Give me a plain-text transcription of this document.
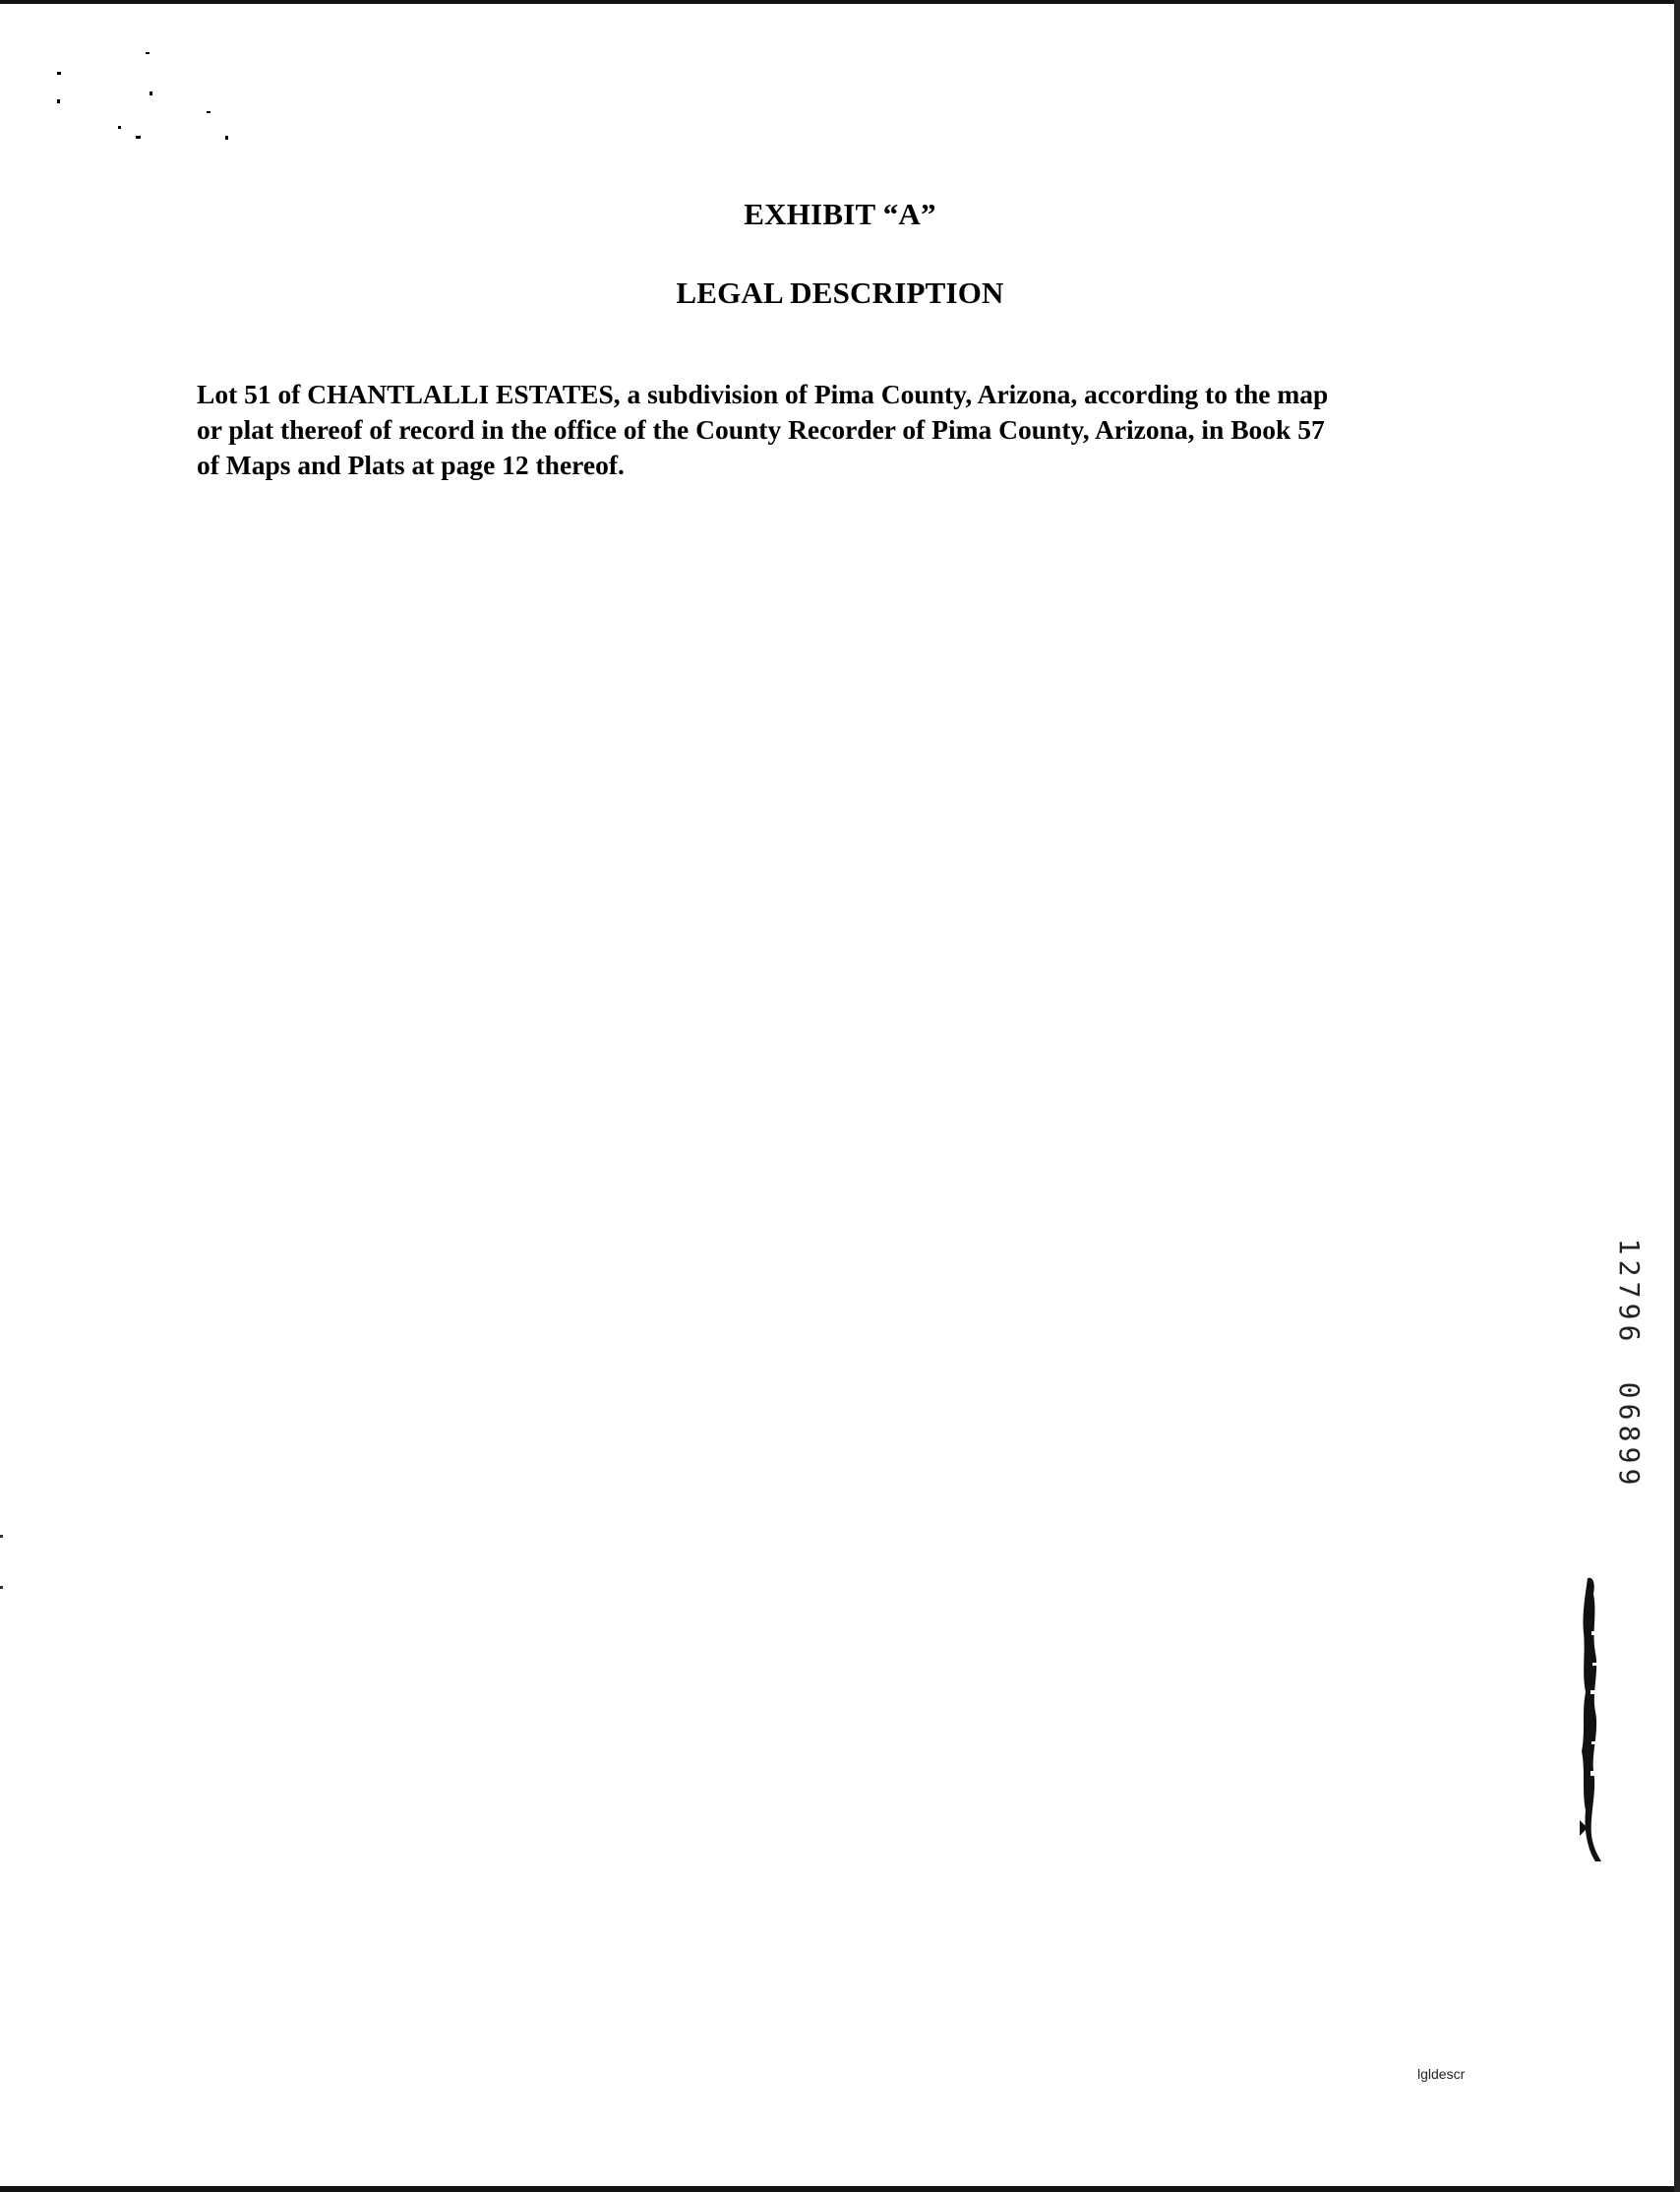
EXHIBIT “A”
LEGAL DESCRIPTION
Lot 51 of CHANTLALLI ESTATES, a subdivision of Pima County, Arizona, according to the map
or plat thereof of record in the office of the County Recorder of Pima County, Arizona, in Book 57
of Maps and Plats at page 12 thereof.
1
2
7
9
6
0
6
8
9
9
lgldescr
